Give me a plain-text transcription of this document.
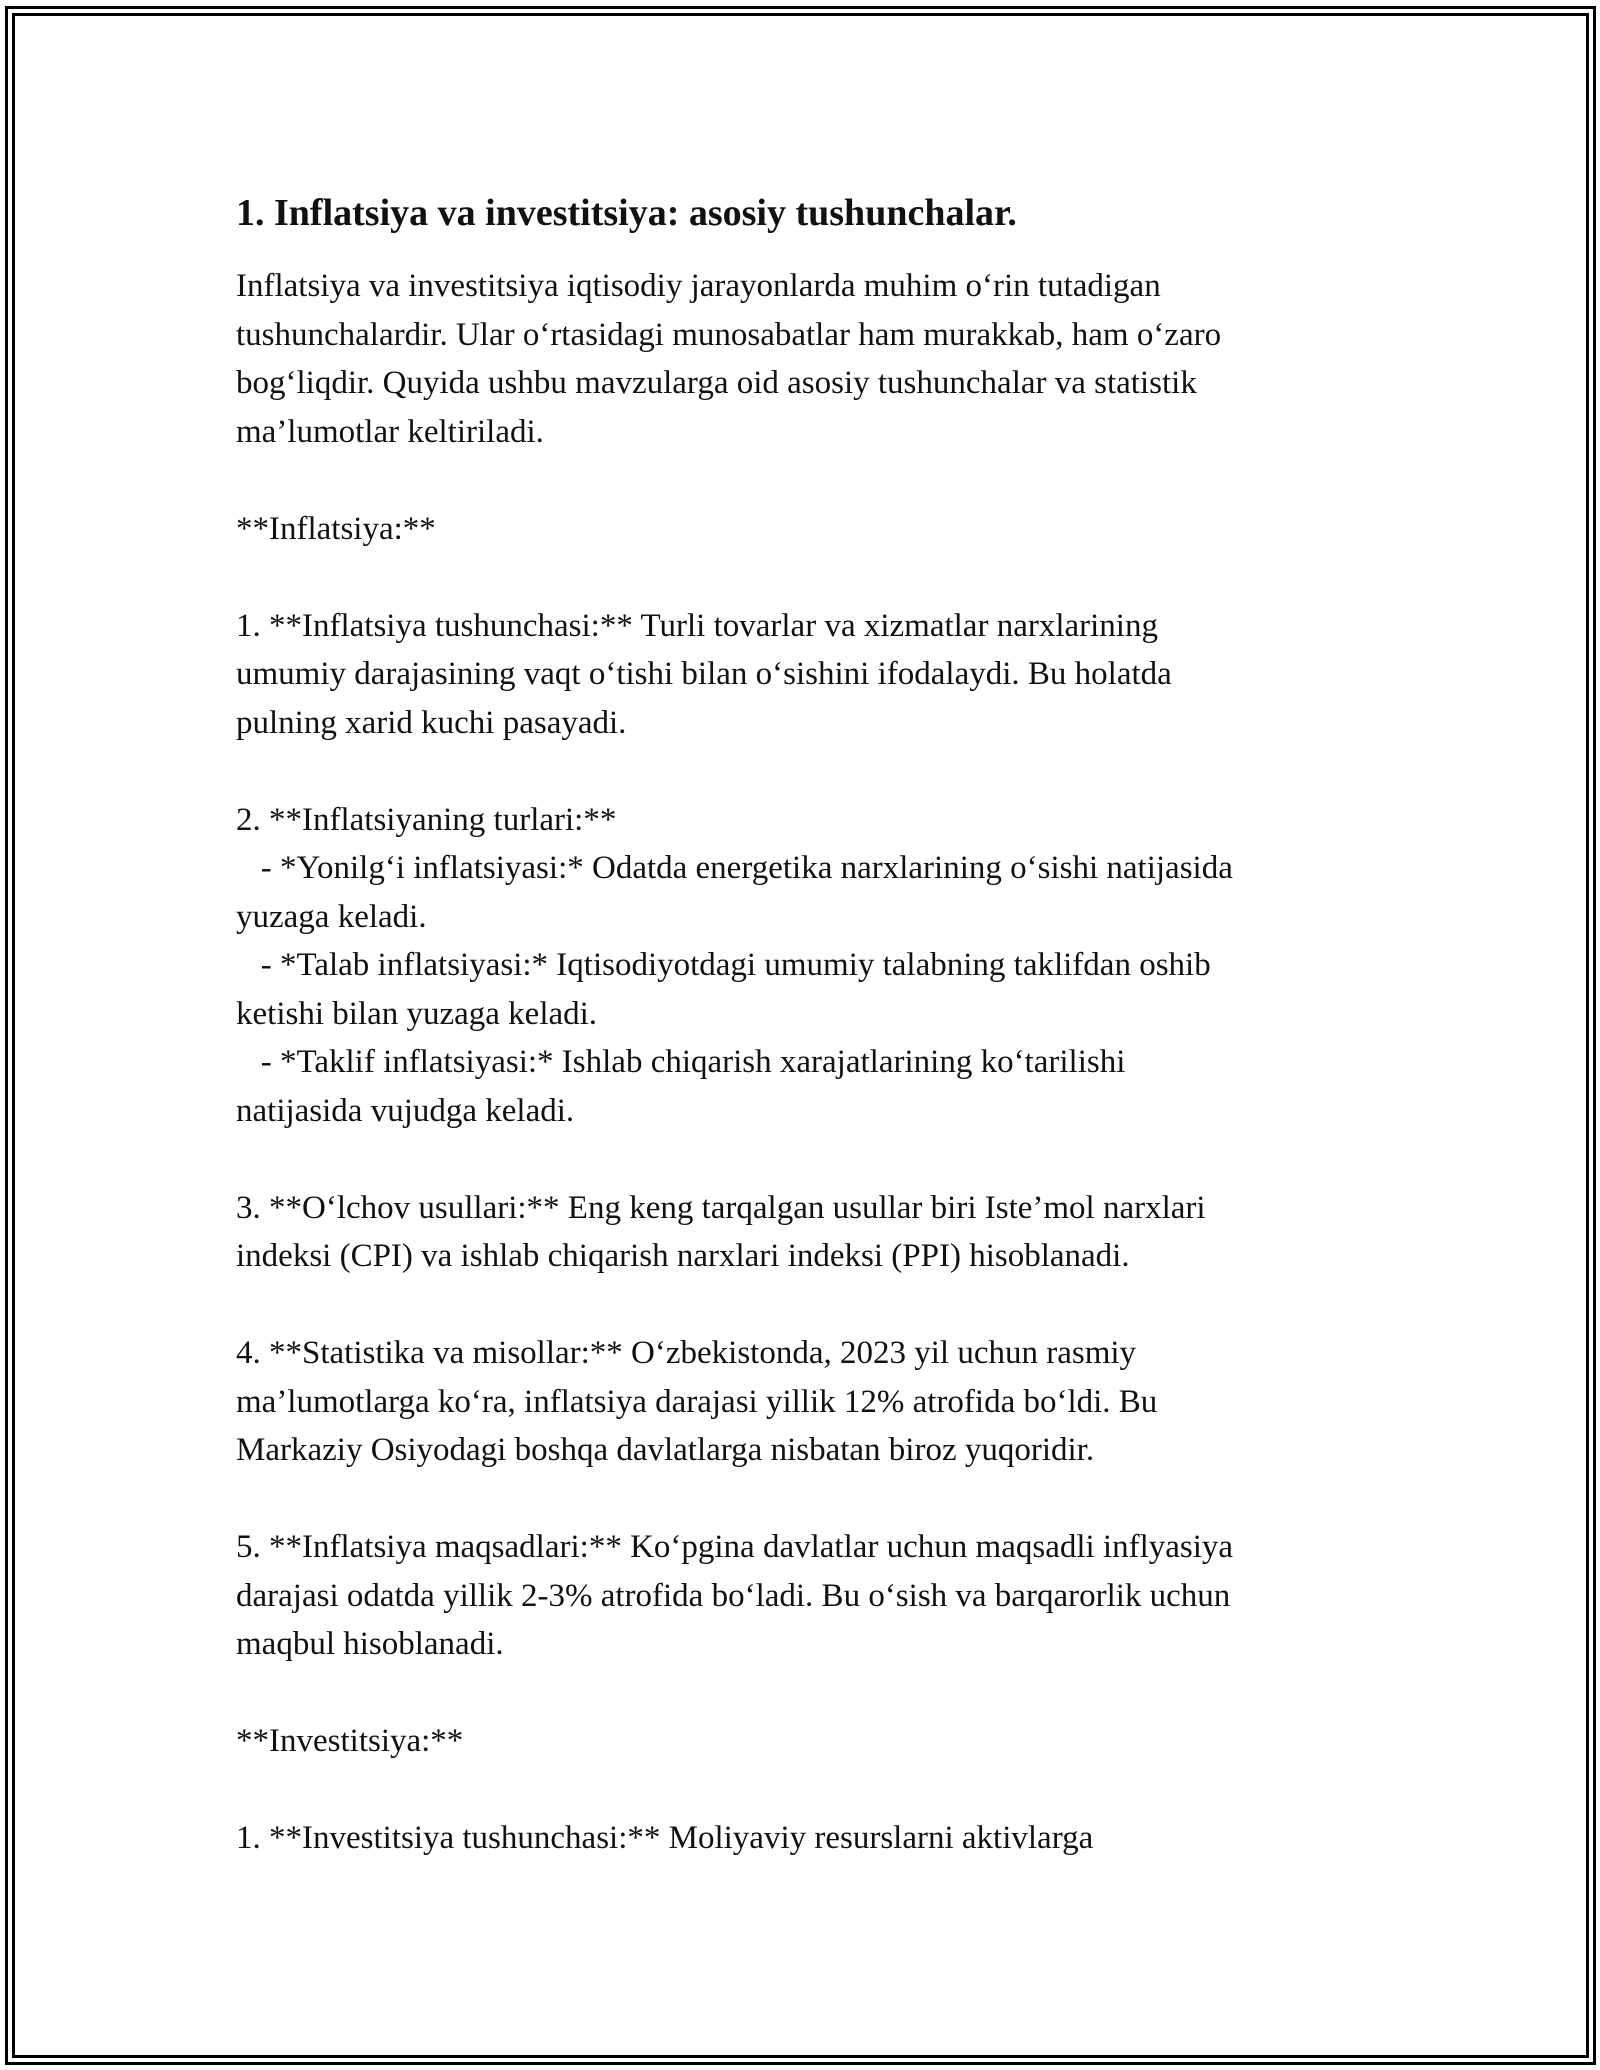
1. Inflatsiya va investitsiya: asosiy tushunchalar.

Inflatsiya va investitsiya iqtisodiy jarayonlarda muhim o‘rin tutadigan
tushunchalardir. Ular o‘rtasidagi munosabatlar ham murakkab, ham o‘zaro
bog‘liqdir. Quyida ushbu mavzularga oid asosiy tushunchalar va statistik
ma’lumotlar keltiriladi.

**Inflatsiya:**

1. **Inflatsiya tushunchasi:** Turli tovarlar va xizmatlar narxlarining
umumiy darajasining vaqt o‘tishi bilan o‘sishini ifodalaydi. Bu holatda
pulning xarid kuchi pasayadi.

2. **Inflatsiyaning turlari:**
- *Yonilg‘i inflatsiyasi:* Odatda energetika narxlarining o‘sishi natijasida
yuzaga keladi.
- *Talab inflatsiyasi:* Iqtisodiyotdagi umumiy talabning taklifdan oshib
ketishi bilan yuzaga keladi.
- *Taklif inflatsiyasi:* Ishlab chiqarish xarajatlarining ko‘tarilishi
natijasida vujudga keladi.

3. **O‘lchov usullari:** Eng keng tarqalgan usullar biri Iste’mol narxlari
indeksi (CPI) va ishlab chiqarish narxlari indeksi (PPI) hisoblanadi.

4. **Statistika va misollar:** O‘zbekistonda, 2023 yil uchun rasmiy
ma’lumotlarga ko‘ra, inflatsiya darajasi yillik 12% atrofida bo‘ldi. Bu
Markaziy Osiyodagi boshqa davlatlarga nisbatan biroz yuqoridir.

5. **Inflatsiya maqsadlari:** Ko‘pgina davlatlar uchun maqsadli inflyasiya
darajasi odatda yillik 2-3% atrofida bo‘ladi. Bu o‘sish va barqarorlik uchun
maqbul hisoblanadi.

**Investitsiya:**

1. **Investitsiya tushunchasi:** Moliyaviy resurslarni aktivlarga
